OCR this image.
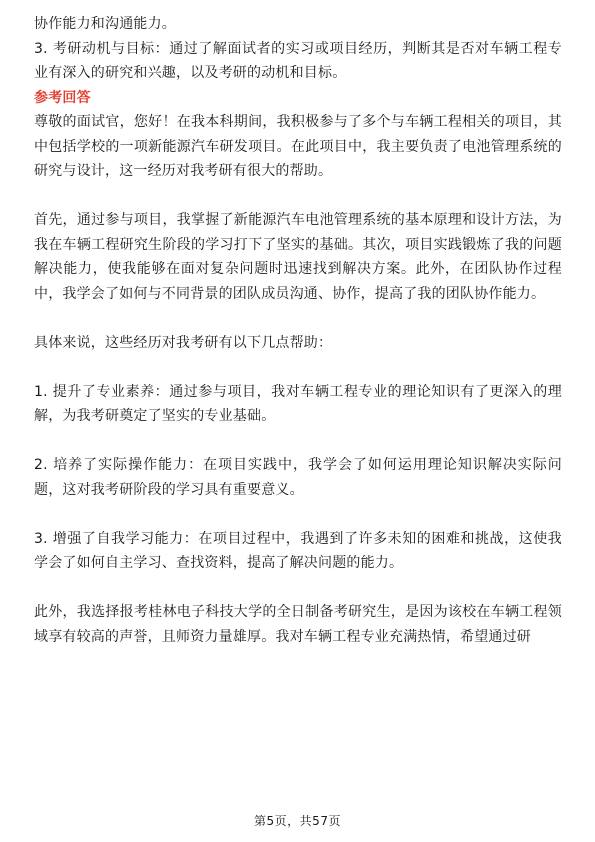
协作能力和沟通能力。

3. 考研动机与目标：通过了解面试者的实习或项目经历，判断其是否对车辆工程专业有深入的研究和兴趣，以及考研的动机和目标。

参考回答

尊敬的面试官，您好！在我本科期间，我积极参与了多个与车辆工程相关的项目，其中包括学校的一项新能源汽车研发项目。在此项目中，我主要负责了电池管理系统的研究与设计，这一经历对我考研有很大的帮助。

首先，通过参与项目，我掌握了新能源汽车电池管理系统的基本原理和设计方法，为我在车辆工程研究生阶段的学习打下了坚实的基础。其次，项目实践锻炼了我的问题解决能力，使我能够在面对复杂问题时迅速找到解决方案。此外，在团队协作过程中，我学会了如何与不同背景的团队成员沟通、协作，提高了我的团队协作能力。

具体来说，这些经历对我考研有以下几点帮助：

1. 提升了专业素养：通过参与项目，我对车辆工程专业的理论知识有了更深入的理解，为我考研奠定了坚实的专业基础。

2. 培养了实际操作能力：在项目实践中，我学会了如何运用理论知识解决实际问题，这对我考研阶段的学习具有重要意义。

3. 增强了自我学习能力：在项目过程中，我遇到了许多未知的困难和挑战，这使我学会了如何自主学习、查找资料，提高了解决问题的能力。

此外，我选择报考桂林电子科技大学的全日制备考研究生，是因为该校在车辆工程领域享有较高的声誉，且师资力量雄厚。我对车辆工程专业充满热情，希望通过研

第5页，共57页
